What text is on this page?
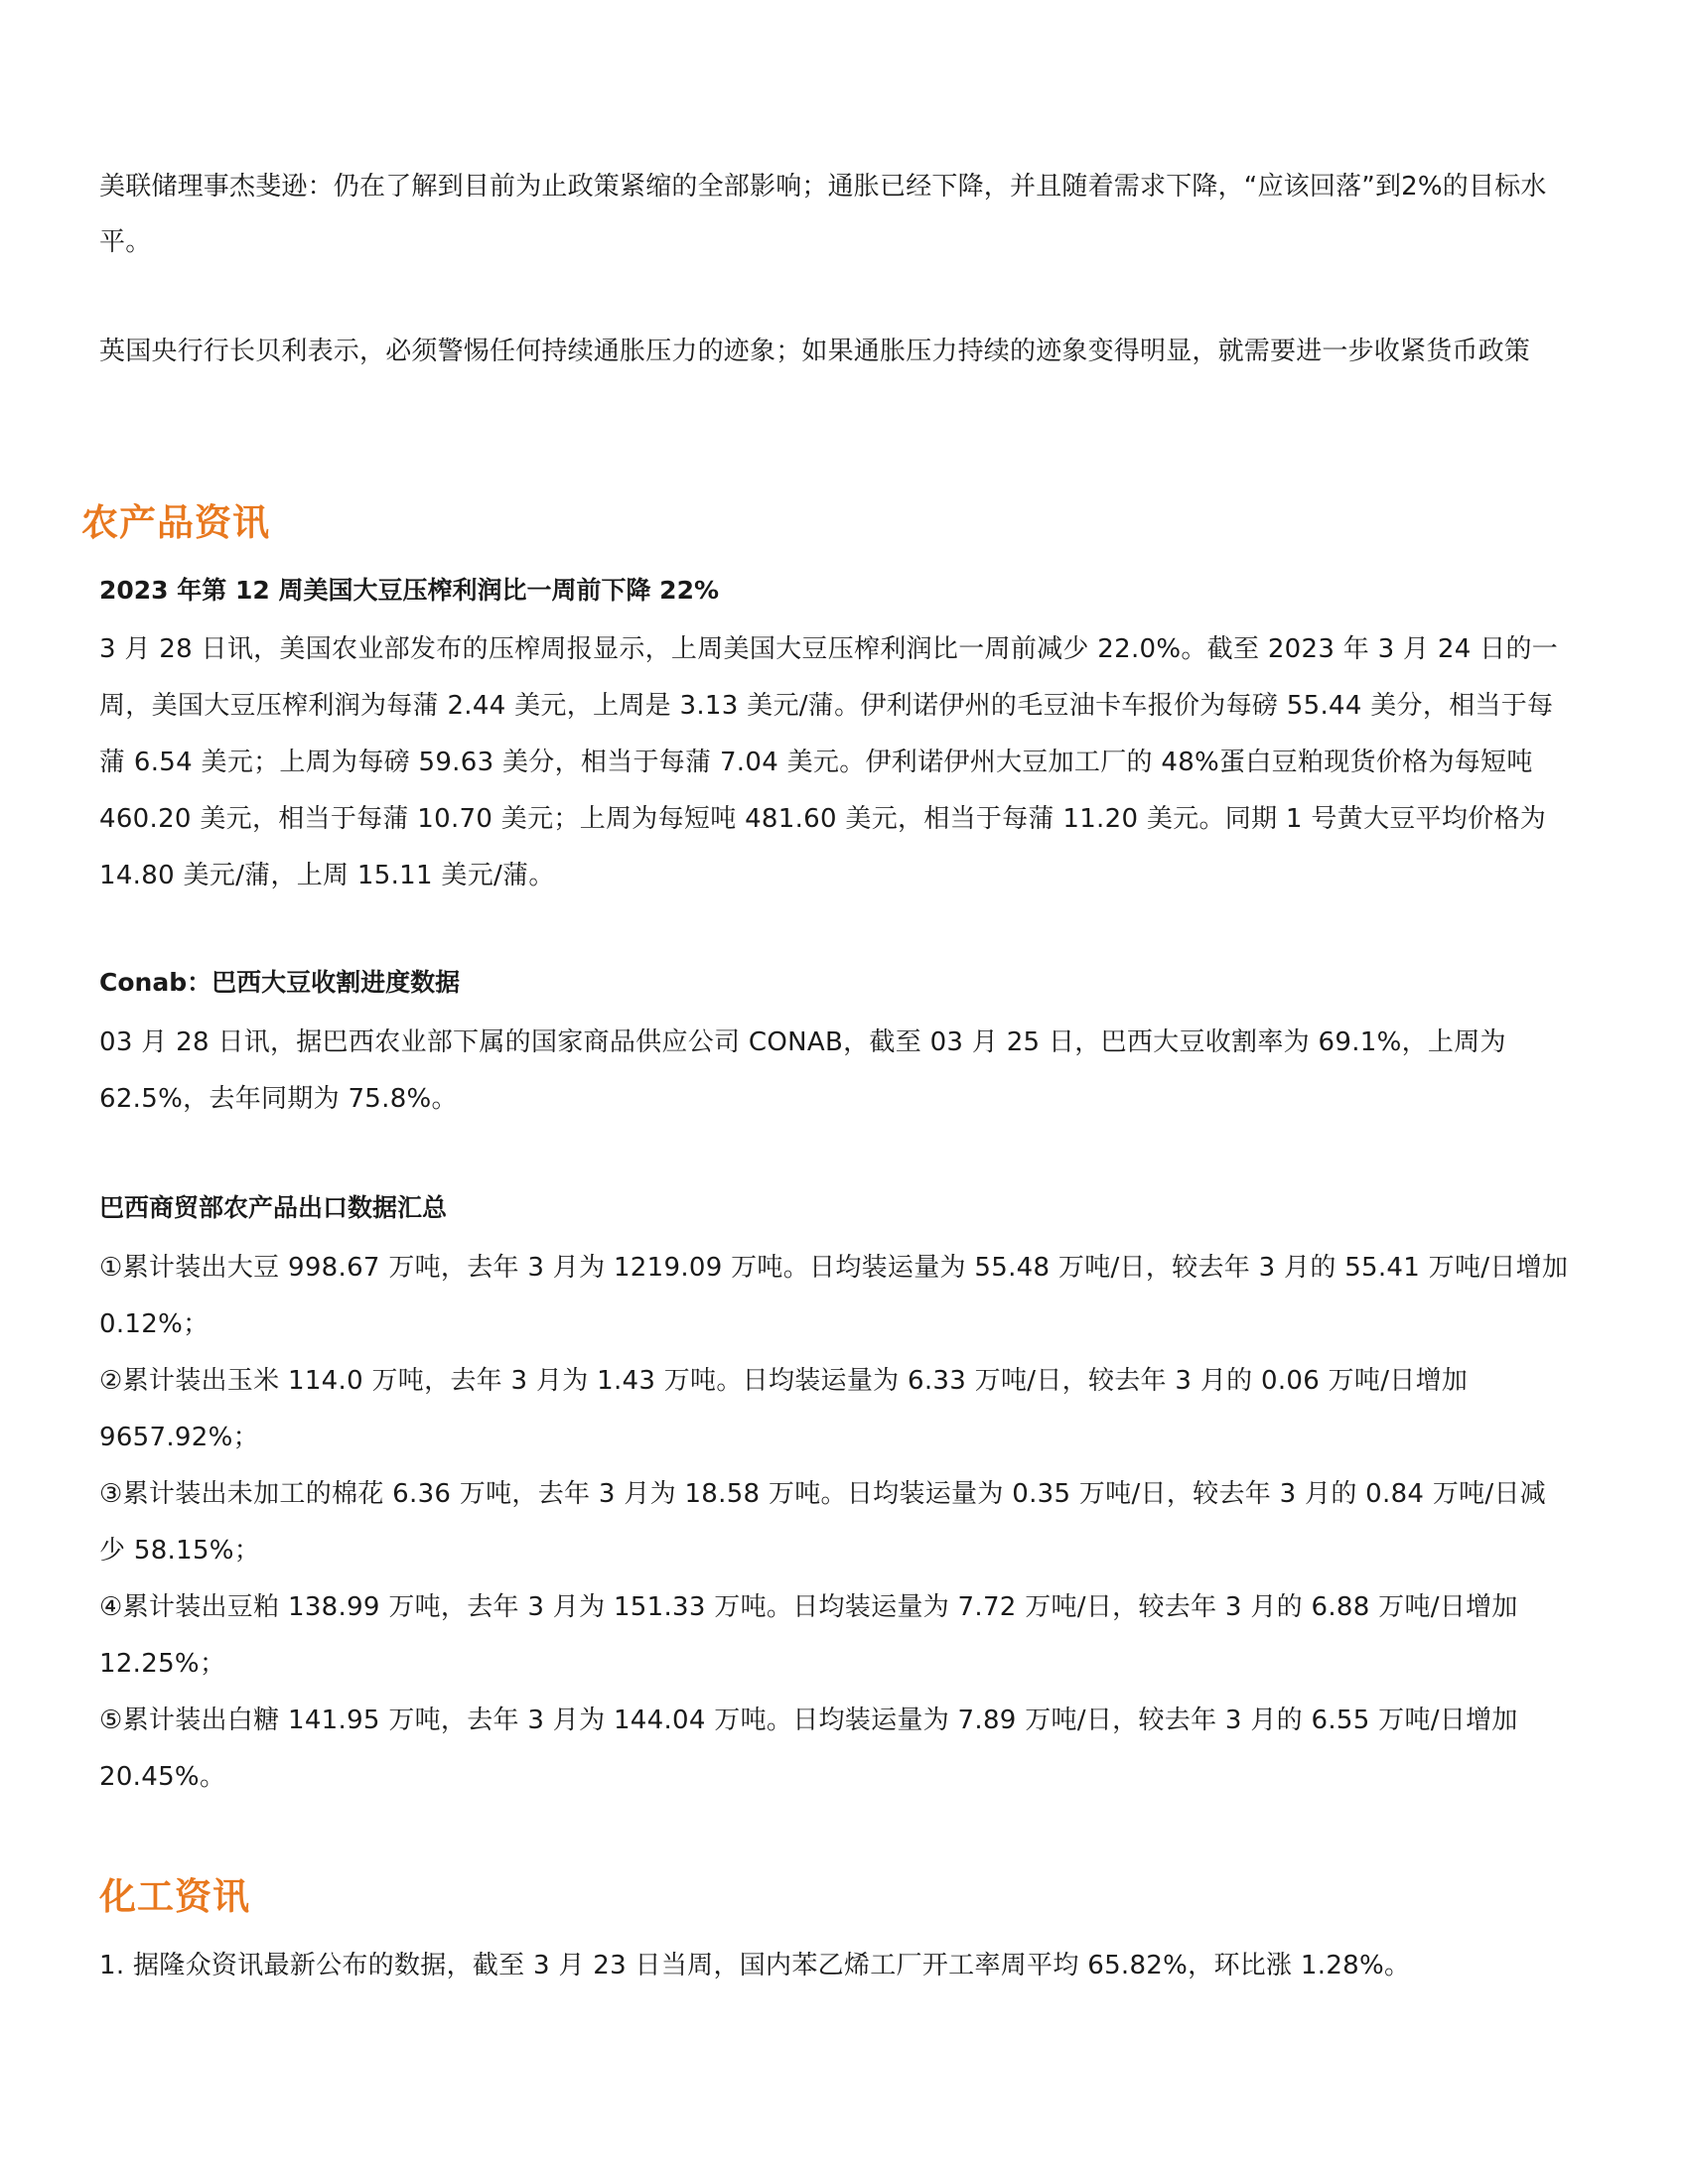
美联储理事杰斐逊：仍在了解到目前为止政策紧缩的全部影响；通胀已经下降，并且随着需求下降，“应该回落”到2%的目标水平。

英国央行行长贝利表示，必须警惕任何持续通胀压力的迹象；如果通胀压力持续的迹象变得明显，就需要进一步收紧货币政策

农产品资讯
2023 年第 12 周美国大豆压榨利润比一周前下降 22%

3 月 28 日讯，美国农业部发布的压榨周报显示，上周美国大豆压榨利润比一周前减少 22.0%。截至 2023 年 3 月 24 日的一周，美国大豆压榨利润为每蒲 2.44 美元，上周是 3.13 美元/蒲。伊利诺伊州的毛豆油卡车报价为每磅 55.44 美分，相当于每蒲 6.54 美元；上周为每磅 59.63 美分，相当于每蒲 7.04 美元。伊利诺伊州大豆加工厂的 48%蛋白豆粕现货价格为每短吨 460.20 美元，相当于每蒲 10.70 美元；上周为每短吨 481.60 美元，相当于每蒲 11.20 美元。同期 1 号黄大豆平均价格为 14.80 美元/蒲，上周 15.11 美元/蒲。

Conab：巴西大豆收割进度数据

03 月 28 日讯，据巴西农业部下属的国家商品供应公司 CONAB，截至 03 月 25 日，巴西大豆收割率为 69.1%，上周为 62.5%，去年同期为 75.8%。

巴西商贸部农产品出口数据汇总
①累计装出大豆 998.67 万吨，去年 3 月为 1219.09 万吨。日均装运量为 55.48 万吨/日，较去年 3 月的 55.41 万吨/日增加 0.12%；
②累计装出玉米 114.0 万吨，去年 3 月为 1.43 万吨。日均装运量为 6.33 万吨/日，较去年 3 月的 0.06 万吨/日增加 9657.92%；
③累计装出未加工的棉花 6.36 万吨，去年 3 月为 18.58 万吨。日均装运量为 0.35 万吨/日，较去年 3 月的 0.84 万吨/日减少 58.15%；
④累计装出豆粕 138.99 万吨，去年 3 月为 151.33 万吨。日均装运量为 7.72 万吨/日，较去年 3 月的 6.88 万吨/日增加 12.25%；
⑤累计装出白糖 141.95 万吨，去年 3 月为 144.04 万吨。日均装运量为 7.89 万吨/日，较去年 3 月的 6.55 万吨/日增加 20.45%。
化工资讯

1. 据隆众资讯最新公布的数据，截至 3 月 23 日当周，国内苯乙烯工厂开工率周平均 65.82%，环比涨 1.28%。
